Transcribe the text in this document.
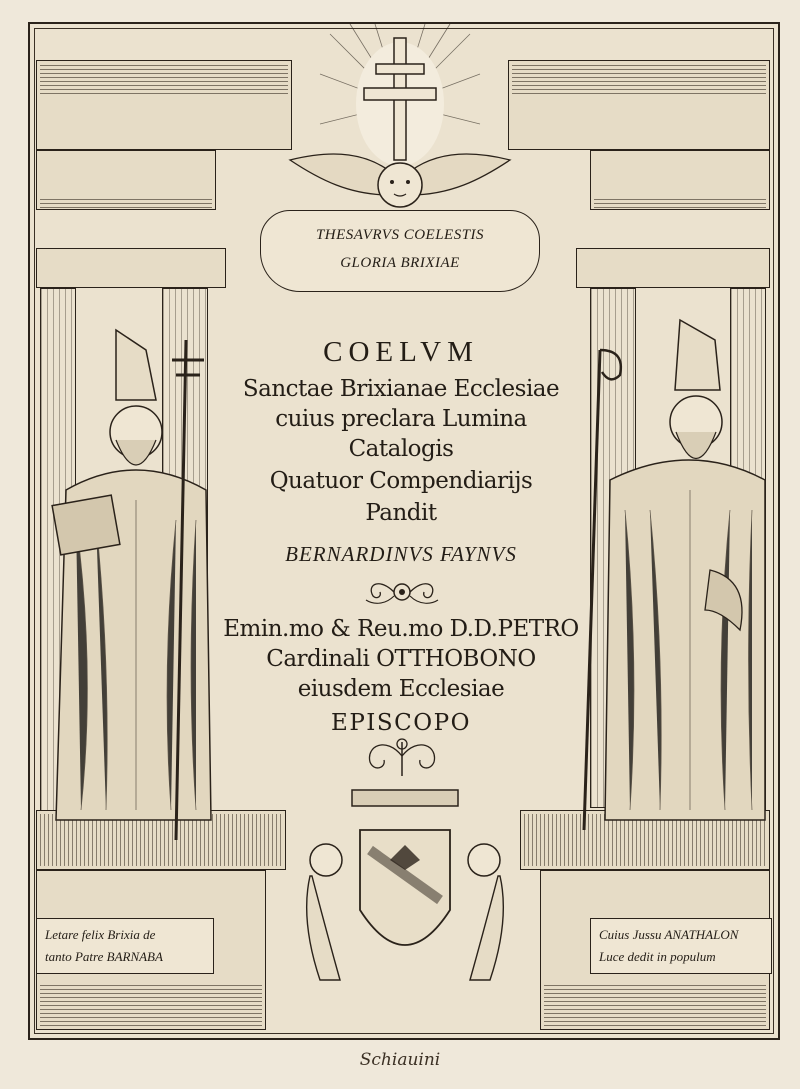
THESAVRVS COELESTIS
GLORIA BRIXIAE
COELVM
Sanctae Brixianae Ecclesiae
cuius preclara Lumina
Catalogis
Quatuor Compendiarijs
Pandit
BERNARDINVS FAYNVS
Emin.mo & Reu.mo D.D.PETRO
Cardinali OTTHOBONO
eiusdem Ecclesiae
EPISCOPO
Letare felix Brixia de
tanto Patre BARNABA
Cuius Jussu ANATHALON
Luce dedit in populum
Schiauini
